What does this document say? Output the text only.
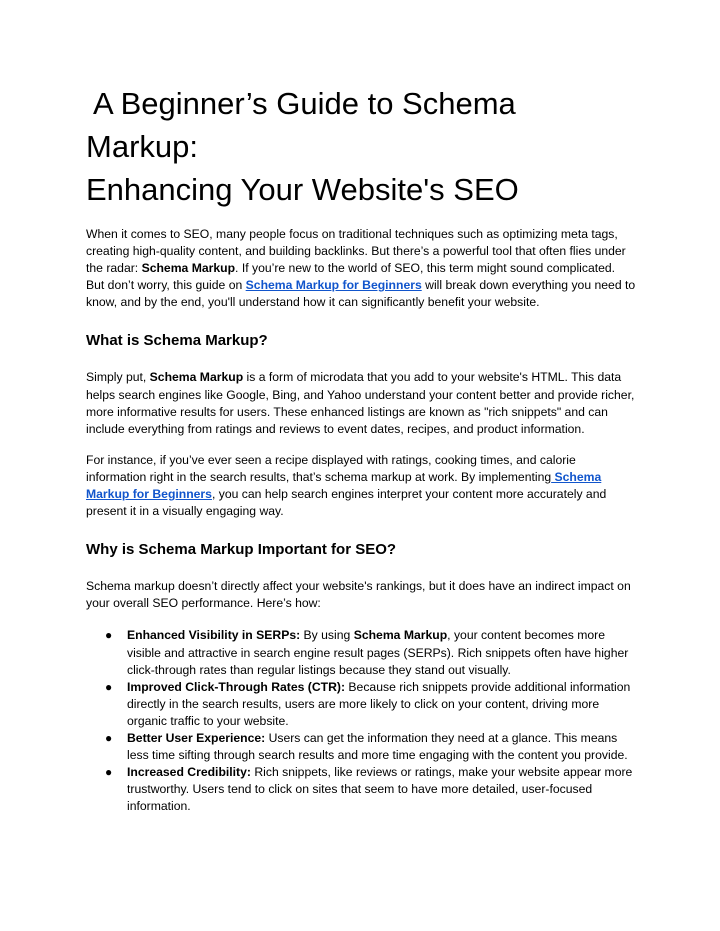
A Beginner’s Guide to Schema Markup:
Enhancing Your Website's SEO

When it comes to SEO, many people focus on traditional techniques such as optimizing meta tags, creating high-quality content, and building backlinks. But there’s a powerful tool that often flies under the radar: Schema Markup. If you’re new to the world of SEO, this term might sound complicated. But don’t worry, this guide on Schema Markup for Beginners will break down everything you need to know, and by the end, you'll understand how it can significantly benefit your website.

What is Schema Markup?

Simply put, Schema Markup is a form of microdata that you add to your website's HTML. This data helps search engines like Google, Bing, and Yahoo understand your content better and provide richer, more informative results for users. These enhanced listings are known as "rich snippets" and can include everything from ratings and reviews to event dates, recipes, and product information.

For instance, if you’ve ever seen a recipe displayed with ratings, cooking times, and calorie information right in the search results, that’s schema markup at work. By implementing Schema Markup for Beginners, you can help search engines interpret your content more accurately and present it in a visually engaging way.

Why is Schema Markup Important for SEO?

Schema markup doesn’t directly affect your website's rankings, but it does have an indirect impact on your overall SEO performance. Here’s how:

● Enhanced Visibility in SERPs: By using Schema Markup, your content becomes more visible and attractive in search engine result pages (SERPs). Rich snippets often have higher click-through rates than regular listings because they stand out visually.
● Improved Click-Through Rates (CTR): Because rich snippets provide additional information directly in the search results, users are more likely to click on your content, driving more organic traffic to your website.
● Better User Experience: Users can get the information they need at a glance. This means less time sifting through search results and more time engaging with the content you provide.
● Increased Credibility: Rich snippets, like reviews or ratings, make your website appear more trustworthy. Users tend to click on sites that seem to have more detailed, user-focused information.
